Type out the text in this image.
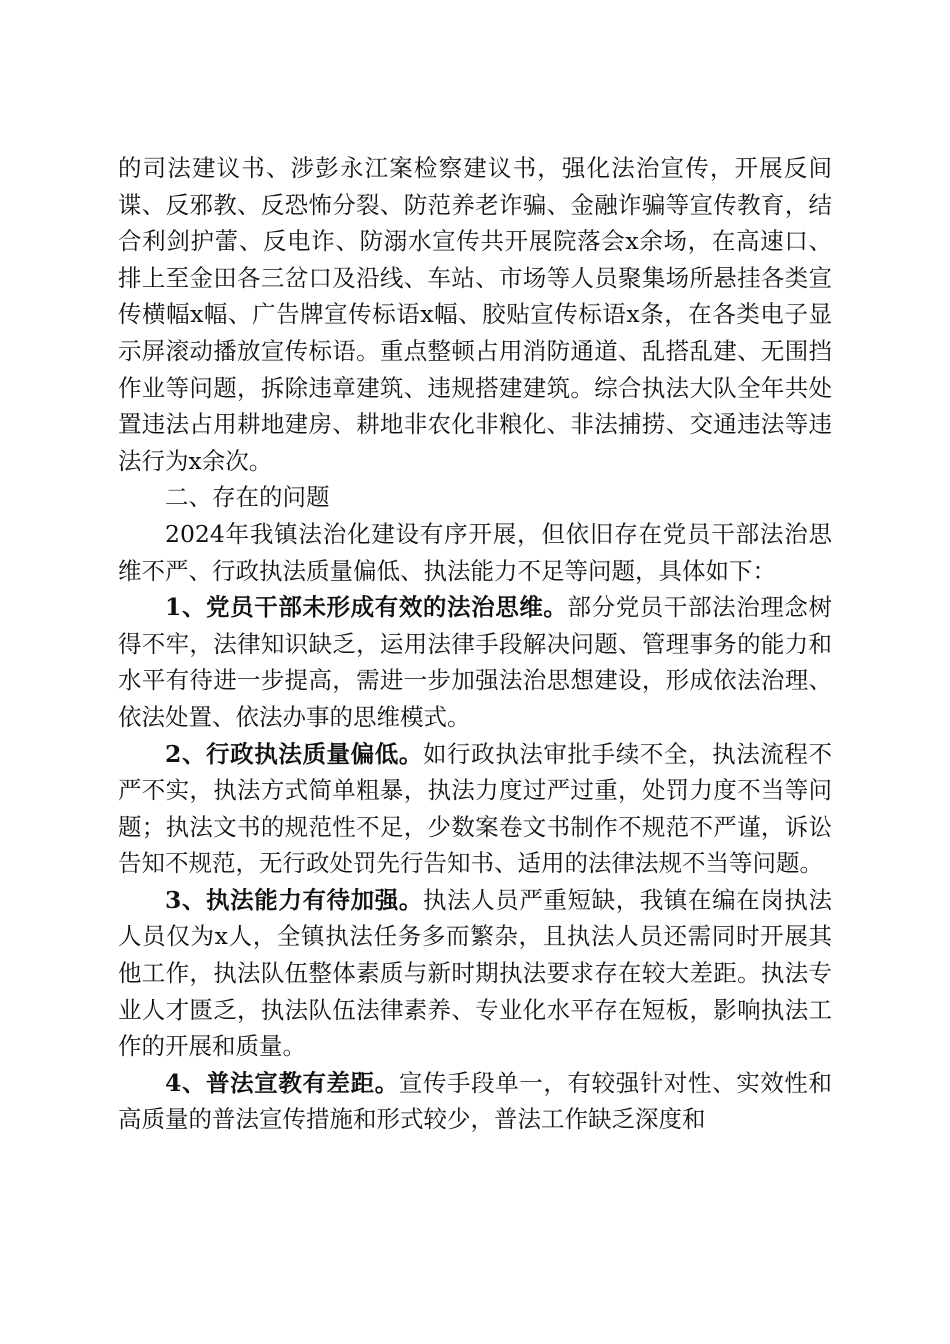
的司法建议书、涉彭永江案检察建议书，强化法治宣传，开展反间谍、反邪教、反恐怖分裂、防范养老诈骗、金融诈骗等宣传教育，结合利剑护蕾、反电诈、防溺水宣传共开展院落会x余场，在高速口、排上至金田各三岔口及沿线、车站、市场等人员聚集场所悬挂各类宣传横幅x幅、广告牌宣传标语x幅、胶贴宣传标语x条，在各类电子显示屏滚动播放宣传标语。重点整顿占用消防通道、乱搭乱建、无围挡作业等问题，拆除违章建筑、违规搭建建筑。综合执法大队全年共处置违法占用耕地建房、耕地非农化非粮化、非法捕捞、交通违法等违法行为x余次。

二、存在的问题

2024年我镇法治化建设有序开展，但依旧存在党员干部法治思维不严、行政执法质量偏低、执法能力不足等问题，具体如下：

1、党员干部未形成有效的法治思维。部分党员干部法治理念树得不牢，法律知识缺乏，运用法律手段解决问题、管理事务的能力和水平有待进一步提高，需进一步加强法治思想建设，形成依法治理、依法处置、依法办事的思维模式。

2、行政执法质量偏低。如行政执法审批手续不全，执法流程不严不实，执法方式简单粗暴，执法力度过严过重，处罚力度不当等问题；执法文书的规范性不足，少数案卷文书制作不规范不严谨，诉讼告知不规范，无行政处罚先行告知书、适用的法律法规不当等问题。

3、执法能力有待加强。执法人员严重短缺，我镇在编在岗执法人员仅为x人，全镇执法任务多而繁杂，且执法人员还需同时开展其他工作，执法队伍整体素质与新时期执法要求存在较大差距。执法专业人才匮乏，执法队伍法律素养、专业化水平存在短板，影响执法工作的开展和质量。

4、普法宣教有差距。宣传手段单一，有较强针对性、实效性和高质量的普法宣传措施和形式较少，普法工作缺乏深度和
